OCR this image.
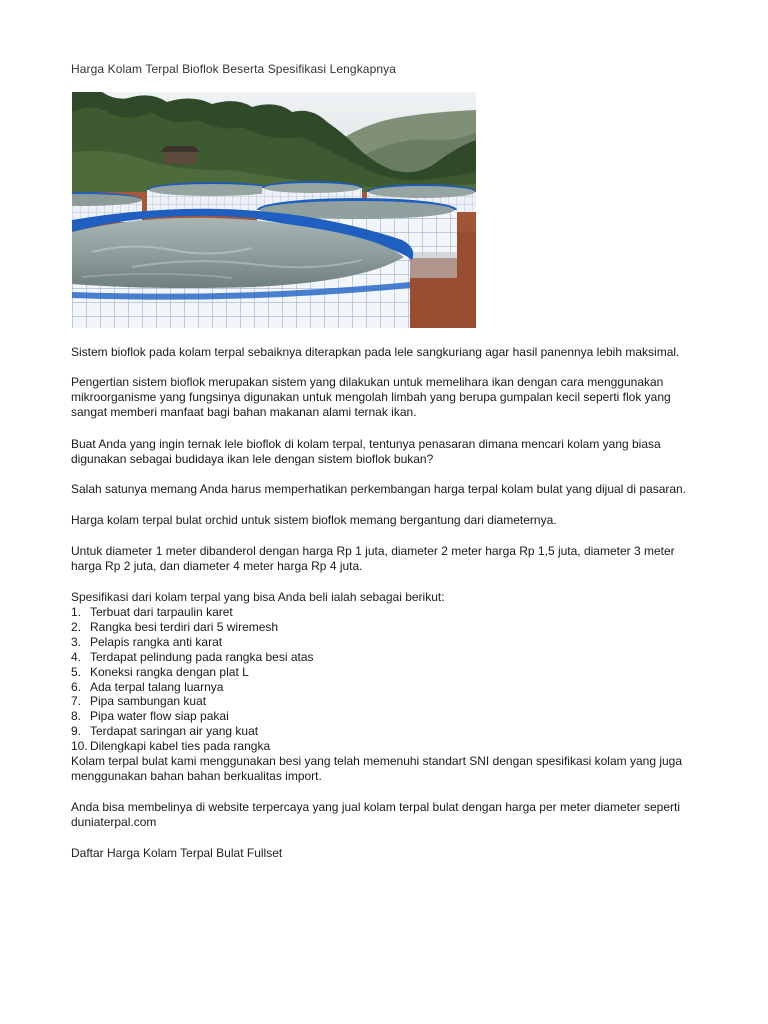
Harga Kolam Terpal Bioflok Beserta Spesifikasi Lengkapnya

Sistem bioflok pada kolam terpal sebaiknya diterapkan pada lele sangkuriang agar hasil panennya lebih maksimal.

Pengertian sistem bioflok merupakan sistem yang dilakukan untuk memelihara ikan dengan cara menggunakan mikroorganisme yang fungsinya digunakan untuk mengolah limbah yang berupa gumpalan kecil seperti flok yang sangat memberi manfaat bagi bahan makanan alami ternak ikan.

Buat Anda yang ingin ternak lele bioflok di kolam terpal, tentunya penasaran dimana mencari kolam yang biasa digunakan sebagai budidaya ikan lele dengan sistem bioflok bukan?

Salah satunya memang Anda harus memperhatikan perkembangan harga terpal kolam bulat yang dijual di pasaran.

Harga kolam terpal bulat orchid untuk sistem bioflok memang bergantung dari diameternya.

Untuk diameter 1 meter dibanderol dengan harga Rp 1 juta, diameter 2 meter harga Rp 1,5 juta, diameter 3 meter harga Rp 2 juta, dan diameter 4 meter harga Rp 4 juta.

Spesifikasi dari kolam terpal yang bisa Anda beli ialah sebagai berikut:

1. Terbuat dari tarpaulin karet
2. Rangka besi terdiri dari 5 wiremesh
3. Pelapis rangka anti karat
4. Terdapat pelindung pada rangka besi atas
5. Koneksi rangka dengan plat L
6. Ada terpal talang luarnya
7. Pipa sambungan kuat
8. Pipa water flow siap pakai
9. Terdapat saringan air yang kuat
10. Dilengkapi kabel ties pada rangka

Kolam terpal bulat kami menggunakan besi yang telah memenuhi standart SNI dengan spesifikasi kolam yang juga menggunakan bahan bahan berkualitas import.

Anda bisa membelinya di website terpercaya yang jual kolam terpal bulat dengan harga per meter diameter seperti duniaterpal.com

Daftar Harga Kolam Terpal Bulat Fullset
